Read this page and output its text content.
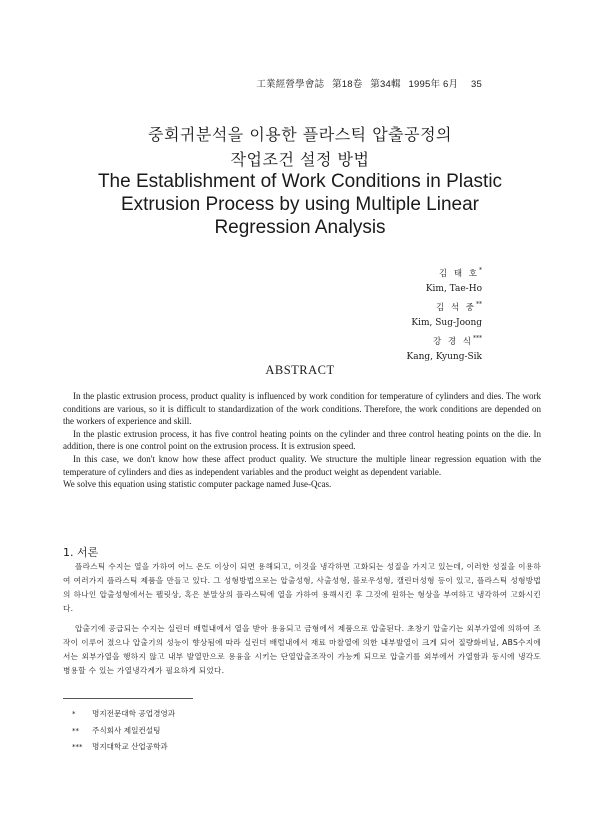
工業經營學會誌 第18卷 第34輯 1995年 6月 35
중회귀분석을 이용한 플라스틱 압출공정의
작업조건 설정 방법
The Establishment of Work Conditions in Plastic
Extrusion Process by using Multiple Linear
Regression Analysis
김 태 호*
Kim, Tae-Ho
김 석 중**
Kim, Sug-Joong
강 경 식***
Kang, Kyung-Sik
ABSTRACT

In the plastic extrusion process, product quality is influenced by work condition for temperature of cylinders and dies. The work conditions are various, so it is difficult to standardization of the work conditions. Therefore, the work conditions are depended on the workers of experience and skill.

In the plastic extrusion process, it has five control heating points on the cylinder and three control heating points on the die. In addition, there is one control point on the extrusion process. It is extrusion speed.

In this case, we don't know how these affect product quality. We structure the multiple linear regression equation with the temperature of cylinders and dies as independent variables and the product weight as dependent variable.

We solve this equation using statistic computer package named Juse-Qcas.

1. 서론

플라스틱 수지는 열을 가하여 어느 온도 이상이 되면 용해되고, 이것을 냉각하면 고화되는 성질을 가지고 있는데, 이러한 성질을 이용하여 여러가지 플라스틱 제품을 만들고 있다. 그 성형방법으로는 압출성형, 사출성형, 블로우성형, 캘린더성형 등이 있고, 플라스틱 성형방법의 하나인 압출성형에서는 펠릿상, 혹은 분말상의 플라스틱에 열을 가하여 용해시킨 후 그것에 원하는 형상을 부여하고 냉각하여 고화시킨다.

압출기에 공급되는 수지는 실린더 배럴내에서 열을 받아 용융되고 금형에서 제품으로 압출된다. 초창기 압출기는 외부가열에 의하여 조작이 이루어 졌으나 압출기의 성능이 향상됨에 따라 실린더 배럴내에서 재료 마찰열에 의한 내부발열이 크게 되어 질량화비닐, ABS수지에서는 외부가열을 행하지 않고 내부 발열만으로 용융을 시키는 단열압출조작이 가능케 되므로 압출기를 외부에서 가열함과 동시에 냉각도 병용할 수 있는 가열냉각계가 필요하게 되었다.

* 명지전문대학 공업경영과
** 주식회사 제일컨설팅
*** 명지대학교 산업공학과
